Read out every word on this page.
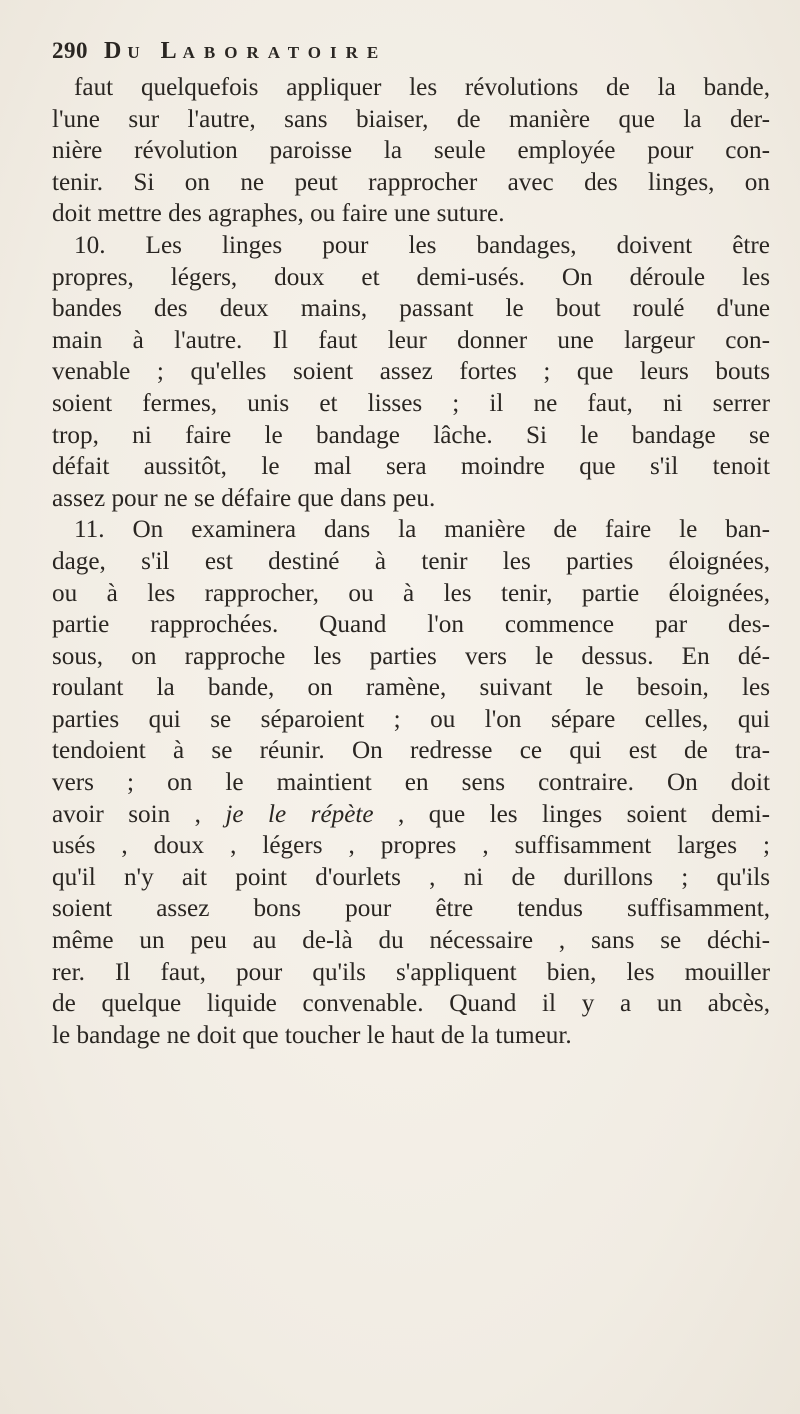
290 DU LABORATOIRE
faut quelquefois appliquer les révolutions de la bande,
l'une sur l'autre, sans biaiser, de manière que la der-
nière révolution paroisse la seule employée pour con-
tenir. Si on ne peut rapprocher avec des linges, on
doit mettre des agraphes, ou faire une suture.
10. Les linges pour les bandages, doivent être
propres, légers, doux et demi-usés. On déroule les
bandes des deux mains, passant le bout roulé d'une
main à l'autre. Il faut leur donner une largeur con-
venable ; qu'elles soient assez fortes ; que leurs bouts
soient fermes, unis et lisses ; il ne faut, ni serrer
trop, ni faire le bandage lâche. Si le bandage se
défait aussitôt, le mal sera moindre que s'il tenoit
assez pour ne se défaire que dans peu.
11. On examinera dans la manière de faire le ban-
dage, s'il est destiné à tenir les parties éloignées,
ou à les rapprocher, ou à les tenir, partie éloignées,
partie rapprochées. Quand l'on commence par des-
sous, on rapproche les parties vers le dessus. En dé-
roulant la bande, on ramène, suivant le besoin, les
parties qui se séparoient ; ou l'on sépare celles, qui
tendoient à se réunir. On redresse ce qui est de tra-
vers ; on le maintient en sens contraire. On doit
avoir soin , je le répète , que les linges soient demi-
usés , doux , légers , propres , suffisamment larges ;
qu'il n'y ait point d'ourlets , ni de durillons ; qu'ils
soient assez bons pour être tendus suffisamment,
même un peu au de-là du nécessaire , sans se déchi-
rer. Il faut, pour qu'ils s'appliquent bien, les mouiller
de quelque liquide convenable. Quand il y a un abcès,
le bandage ne doit que toucher le haut de la tumeur.
